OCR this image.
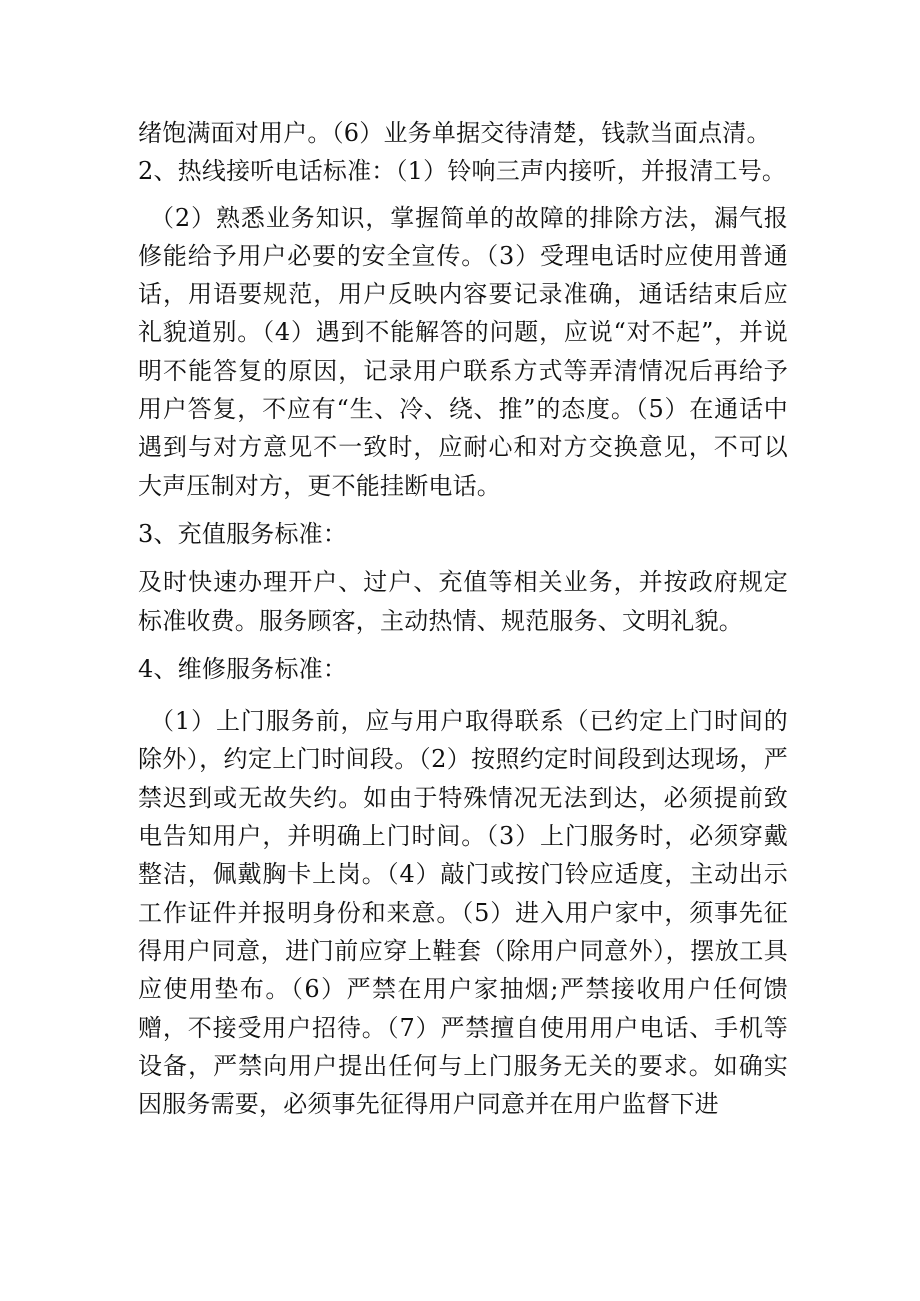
绪饱满面对用户。（6）业务单据交待清楚，钱款当面点清。

2、热线接听电话标准：（1）铃响三声内接听，并报清工号。

（2）熟悉业务知识，掌握简单的故障的排除方法，漏气报修能给予用户必要的安全宣传。（3）受理电话时应使用普通话，用语要规范，用户反映内容要记录准确，通话结束后应礼貌道别。（4）遇到不能解答的问题，应说“对不起”，并说明不能答复的原因，记录用户联系方式等弄清情况后再给予用户答复，不应有“生、冷、绕、推”的态度。（5）在通话中遇到与对方意见不一致时，应耐心和对方交换意见，不可以大声压制对方，更不能挂断电话。

3、充值服务标准：

及时快速办理开户、过户、充值等相关业务，并按政府规定标准收费。服务顾客，主动热情、规范服务、文明礼貌。

4、维修服务标准：

（1）上门服务前，应与用户取得联系（已约定上门时间的除外），约定上门时间段。（2）按照约定时间段到达现场，严禁迟到或无故失约。如由于特殊情况无法到达，必须提前致电告知用户，并明确上门时间。（3）上门服务时，必须穿戴整洁，佩戴胸卡上岗。（4）敲门或按门铃应适度，主动出示工作证件并报明身份和来意。（5）进入用户家中，须事先征得用户同意，进门前应穿上鞋套（除用户同意外），摆放工具应使用垫布。（6）严禁在用户家抽烟;严禁接收用户任何馈赠，不接受用户招待。（7）严禁擅自使用用户电话、手机等设备，严禁向用户提出任何与上门服务无关的要求。如确实因服务需要，必须事先征得用户同意并在用户监督下进
